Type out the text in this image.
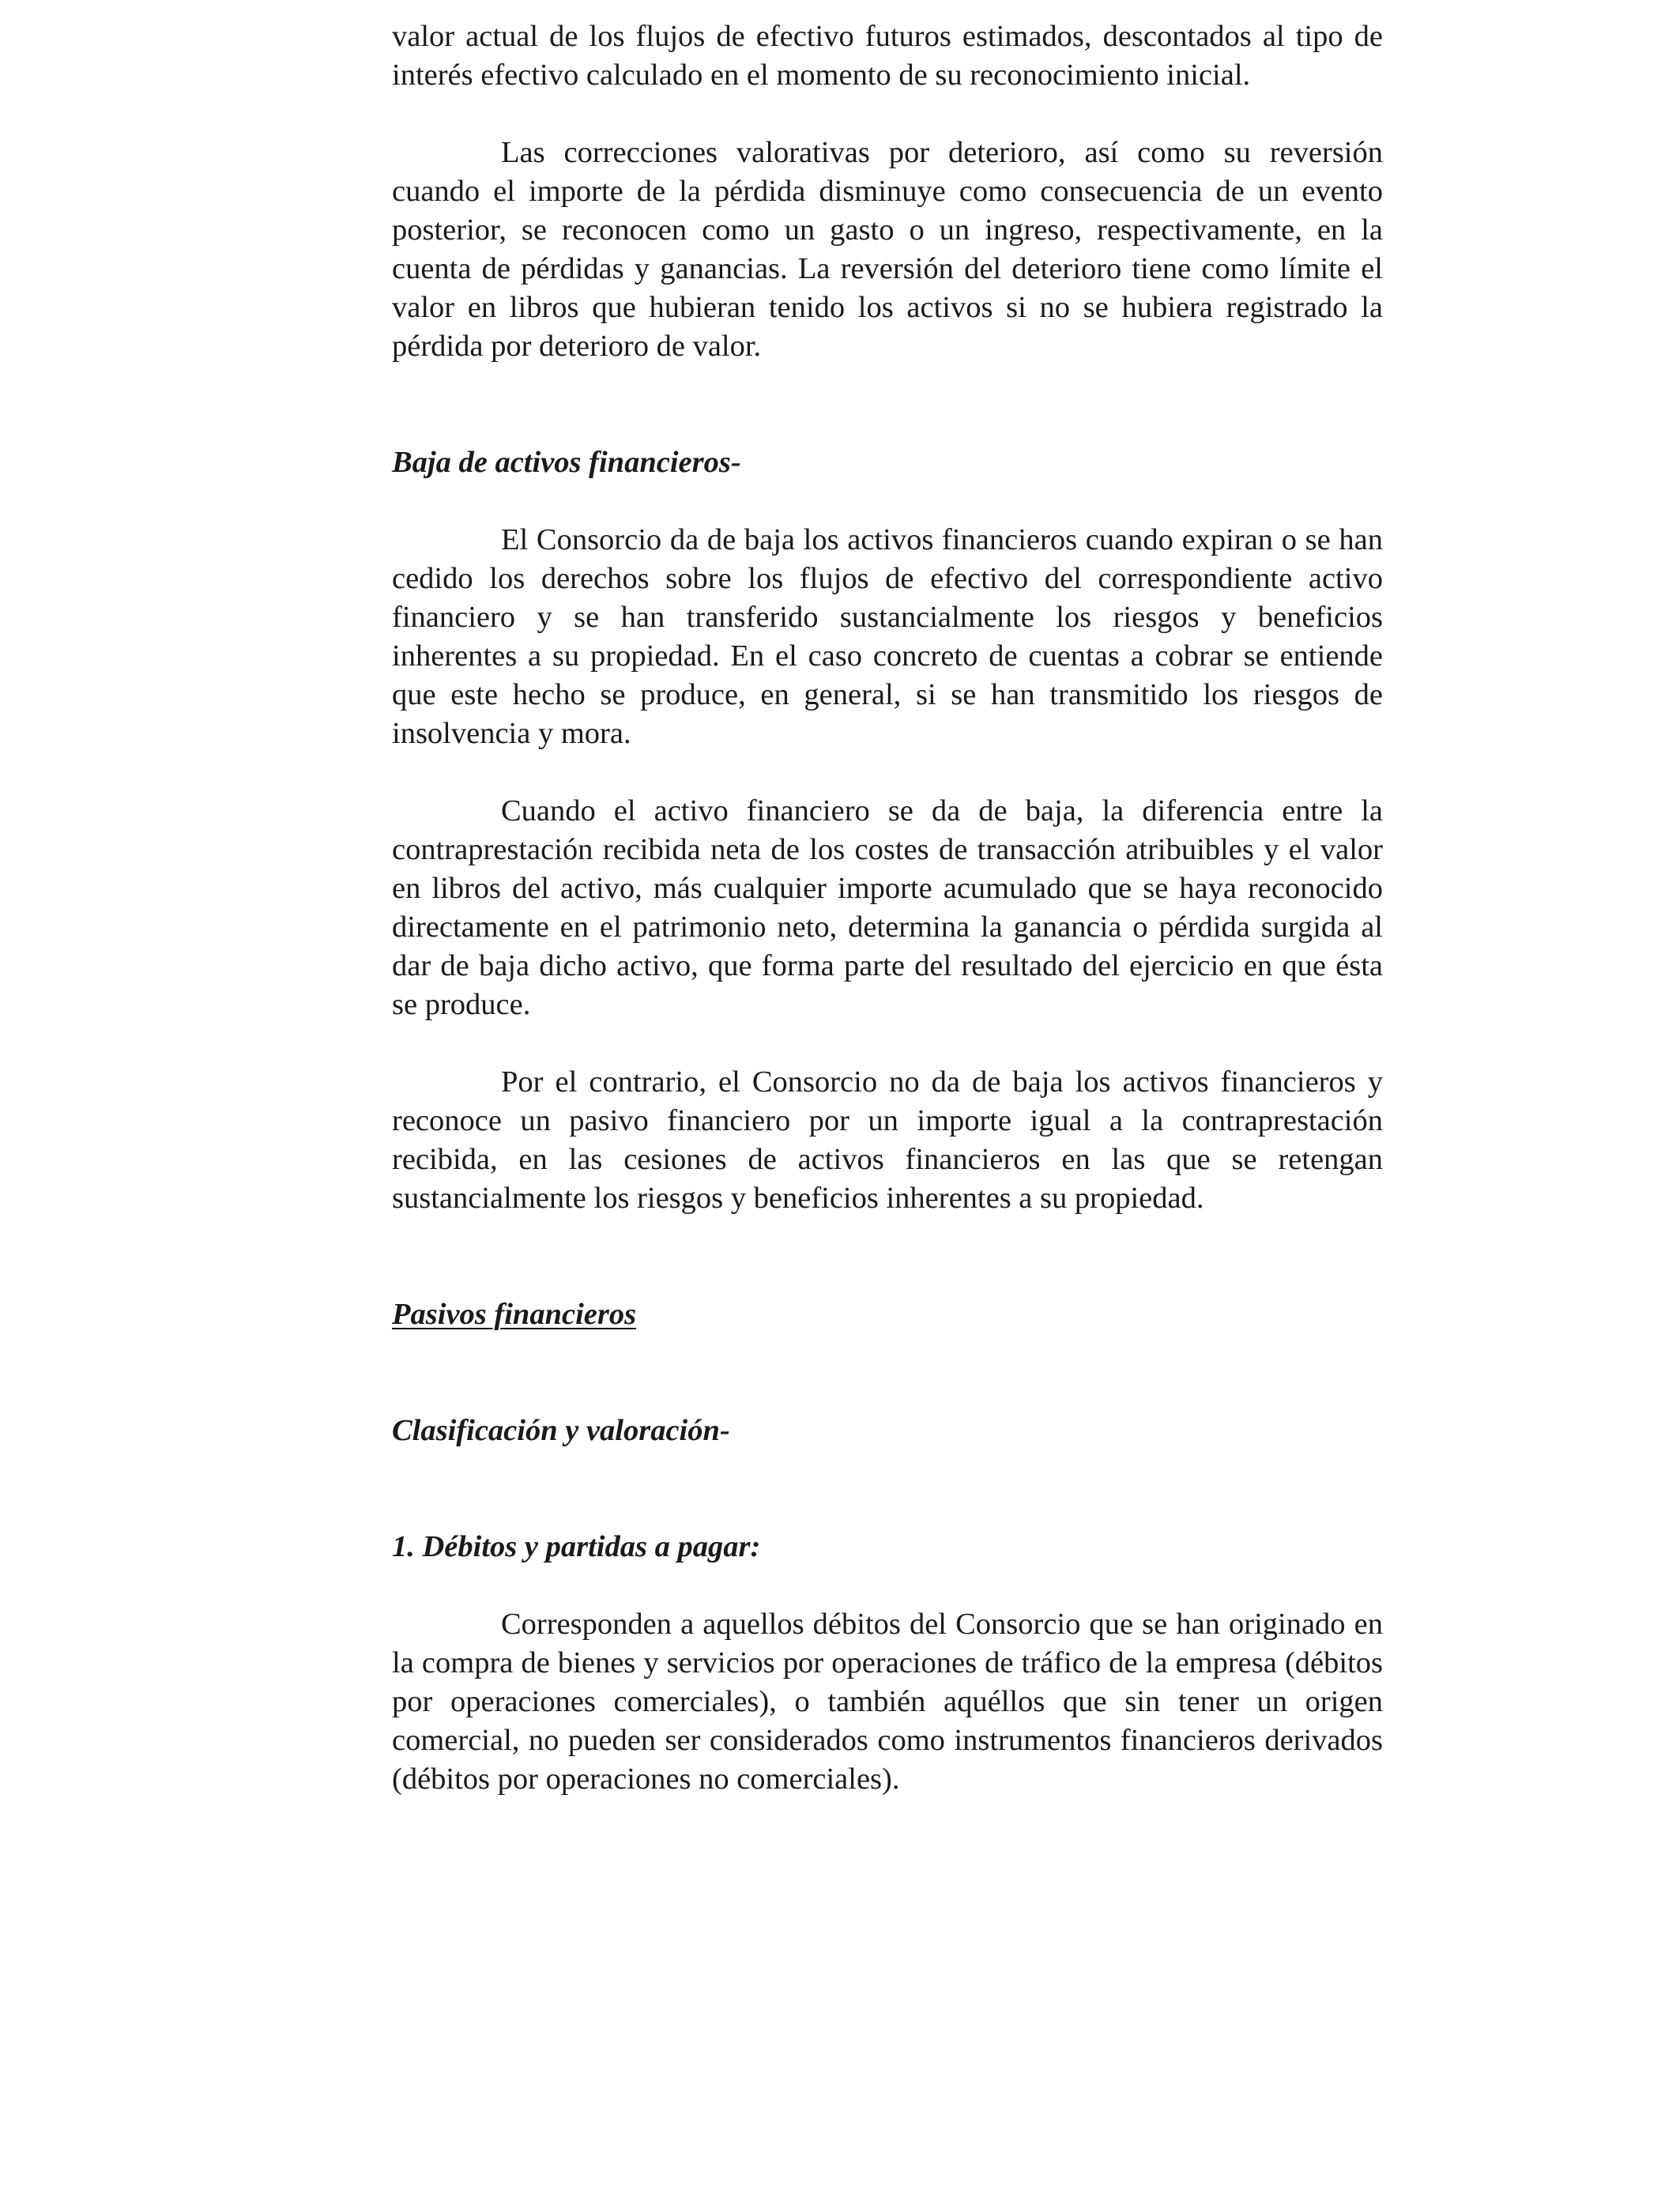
valor actual de los flujos de efectivo futuros estimados, descontados al tipo de interés efectivo calculado en el momento de su reconocimiento inicial.

Las correcciones valorativas por deterioro, así como su reversión cuando el importe de la pérdida disminuye como consecuencia de un evento posterior, se reconocen como un gasto o un ingreso, respectivamente, en la cuenta de pérdidas y ganancias. La reversión del deterioro tiene como límite el valor en libros que hubieran tenido los activos si no se hubiera registrado la pérdida por deterioro de valor.

Baja de activos financieros-

El Consorcio da de baja los activos financieros cuando expiran o se han cedido los derechos sobre los flujos de efectivo del correspondiente activo financiero y se han transferido sustancialmente los riesgos y beneficios inherentes a su propiedad. En el caso concreto de cuentas a cobrar se entiende que este hecho se produce, en general, si se han transmitido los riesgos de insolvencia y mora.

Cuando el activo financiero se da de baja, la diferencia entre la contraprestación recibida neta de los costes de transacción atribuibles y el valor en libros del activo, más cualquier importe acumulado que se haya reconocido directamente en el patrimonio neto, determina la ganancia o pérdida surgida al dar de baja dicho activo, que forma parte del resultado del ejercicio en que ésta se produce.

Por el contrario, el Consorcio no da de baja los activos financieros y reconoce un pasivo financiero por un importe igual a la contraprestación recibida, en las cesiones de activos financieros en las que se retengan sustancialmente los riesgos y beneficios inherentes a su propiedad.

Pasivos financieros

Clasificación y valoración-

1. Débitos y partidas a pagar:

Corresponden a aquellos débitos del Consorcio que se han originado en la compra de bienes y servicios por operaciones de tráfico de la empresa (débitos por operaciones comerciales), o también aquéllos que sin tener un origen comercial, no pueden ser considerados como instrumentos financieros derivados (débitos por operaciones no comerciales).
